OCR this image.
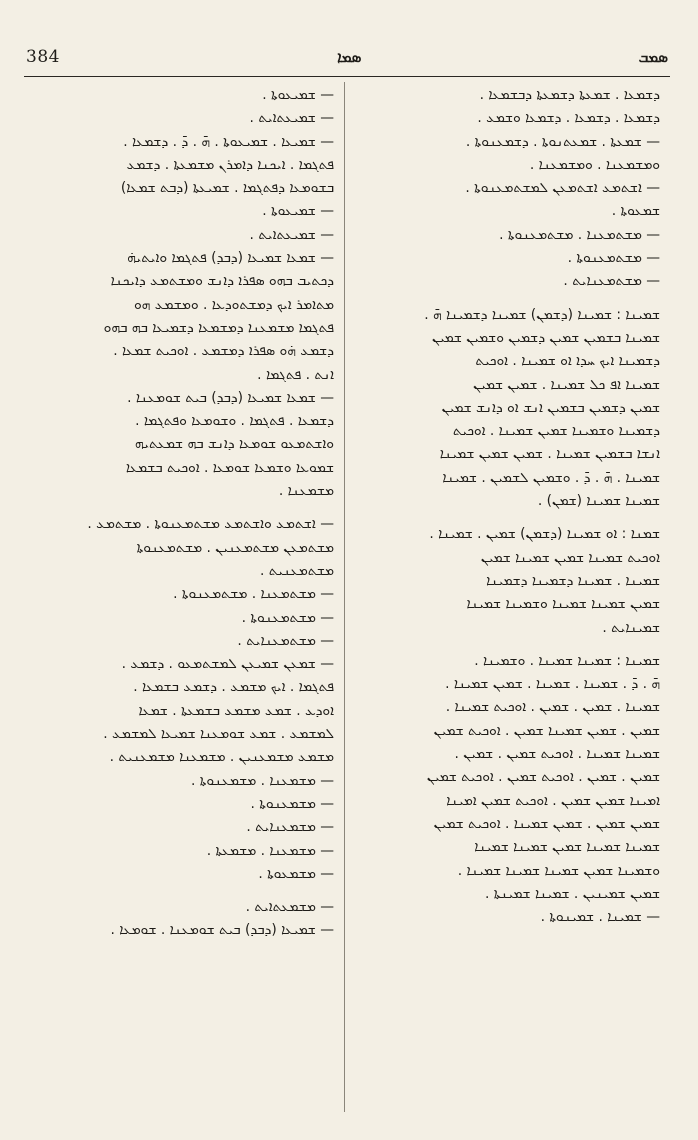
384	ܣܡܐ	ܣܡܒ
— ܫܡܝܥܘܬܐ .
— ܫܡܝܥܬܐܝܬ .
— ܫܡܝܥܐ . ܫܡܝܥܘܬܐ . ܗ̄ . ܕ̄ . ܕܫܡܥܐ .
ܦܬܓܡܐ . ܐܝܟܢܐ ܕܐܡܪܢ ܡܫܡܥܬܐ . ܕܫܡܥ
ܒܫܘܡܥܐ ܕܦܬܓܡܐ . ܫܡܝܥܬܐ (ܕܒܬ ܫܡܥܐ)
— ܫܡܝܥܘܬܐ .
— ܫܡܝܥܬܐܝܬ .
— ܫܡܥܐ ܫܡܝܥܐ (ܕܒܕ) ܦܬܓܡܐ ܘܐܝܬܝܗ̇
ܕܟܬܝܒ ܒܗܘ ܣܦܪܐ ܕܐܢܫ ܘܡܫܬܡܥ ܕܐܝܟܢܐ
ܡܬܐܡܪ ܐܝܟ ܕܡܫܬܘܕܥܐ . ܘܡܫܡܥ ܗܘ
ܦܬܓܡܐ ܡܫܡܥܢܐ ܕܡܫܡܥܐ ܕܫܡܝܥܐ ܒܗ ܒܗܘ
ܕܫܡܥ ܗ̇ܘ ܣܦܪܐ ܕܡܫܡܥ . ܐܘܟܝܬ ܫܡܥܐ .
ܐܢܬ . ܦܬܓܡܐ .
— ܫܡܥܐ ܫܡܝܥܐ (ܕܒܕ) ܒܝܬ ܫܘܡܥܢܐ .
ܕܫܡܥܐ . ܦܬܓܡܐ . ܘܫܘܡܥܐ ܘܦܬܓܡܐ .
ܘܐܫܬܡܥܘ ܫܘܡܥܐ ܕܐܢܫ ܒܗ ܫܡܥܬܝܗ
ܫܡܘܥܐ ܘܫܡܥܐ ܫܘܡܥܐ . ܐܘܟܝܬ ܒܫܡܥܐ
ܡܫܡܥܢܐ .
— ܐܫܬܡܥ ܘܐܫܬܡܥ ܡܫܬܡܥܢܘܬܐ . ܡܫܬܡܥ .
ܡܫܬܡܥܢ ܡܫܬܡܥܢܝܢ . ܡܫܬܡܥܢܘܬܐ
ܡܫܬܡܥܢܝܬ .
— ܡܫܬܡܥܢܐ . ܡܫܬܡܥܢܘܬܐ .
— ܡܫܬܡܥܢܘܬܐ .
— ܡܫܬܡܥܢܐܝܬ .
— ܫܡܥܢ ܫܡܝܥܢ ܠܡܫܬܡܥܘ . ܕܫܡܥ .
ܦܬܓܡܐ . ܐܝܟ ܡܫܡܥ . ܕܫܡܥ ܒܫܡܥܐ .
ܐܘܕܥ . ܫܡܥ ܡܫܡܥ ܒܫܡܥܬܐ . ܫܡܥܐ
ܠܡܫܡܥ . ܫܡܥ ܫܘܡܥܢܐ ܫܡܝܥܐ ܠܡܫܡܥ .
ܡܫܡܥ ܡܫܡܥܢܝܢ . ܡܫܡܥܢܐ ܡܫܡܥܢܝܬ .
— ܡܫܡܥܢܐ . ܡܫܡܥܢܘܬܐ .
— ܡܫܡܥܢܘܬܐ .
— ܡܫܡܥܢܐܝܬ .
— ܡܫܡܥܢܐ . ܡܫܡܥܬܐ .
— ܡܫܡܥܘܬܐ .
— ܡܫܡܥܬܐܝܬ .
— ܫܡܝܥܐ (ܕܒܕ) ܒܝܬ ܫܘܡܥܢܐ . ܫܘܡܥܐ .
ܕܫܡܥܐ . ܫܡܥܬܐ ܕܫܡܥܬܐ ܕܒܫܡܥܐ .
ܕܫܡܥܐ . ܕܫܡܥܐ . ܕܫܡܥܐ ܘܫܡܥ .
— ܫܡܥܬܐ . ܫܡܥܬܢܘܬܐ . ܕܫܡܥܢܘܬܐ .
ܘܡܫܡܥܢܐ . ܘܡܫܡܥܢܐ .
— ܐܫܬܡܥ ܐܫܬܡܥܢ ܠܡܫܬܡܥܢܘܬܐ .
ܫܡܥܘܬܐ .
— ܡܫܬܡܥܢܐ . ܡܫܬܡܥܢܘܬܐ .
— ܡܫܬܡܥܢܘܬܐ .
— ܡܫܬܡܥܢܐܝܬ .
ܫܡܝܢܐ : ܫܡܝܢܐ (ܕܫܡܢ) ܫܡܝܢܐ ܕܫܡܝܢܐ ܗ̄ .
ܫܡܝܢܐ ܒܫܡܝܢ ܫܡܝܢ ܕܫܡܝܢ ܘܫܡܝܢ ܫܡܝܢ
ܕܫܡܝܢܐ ܐܝܟ ܚܕܐ ܐܘ ܫܡܝܢܐ . ܐܘܟܝܬ
ܫܡܝܢܐ ܐܦ ܟܠ ܫܡܝܢܐ . ܫܡܝܢ ܫܡܝܢ
ܫܡܝܢ ܕܫܡܝܢ ܒܫܡܝܢ ܐܢܫ ܐܘ ܕܐܢܫ ܫܡܝܢ
ܕܫܡܝܢܐ ܘܫܡܝܢܐ ܫܡܝܢ ܫܡܝܢܐ . ܐܘܟܝܬ
ܐܢܫܐ ܒܫܡܝܢ ܫܡܝܢܐ . ܫܡܝܢ ܫܡܝܢ ܫܡܝܢܐ
ܫܡܝܢܐ . ܗ̄ . ܕ̄ . ܘܫܡܝܢ ܠܫܡܝܢ . ܫܡܝܢܐ
ܫܡܝܢܐ ܫܡܝܢܐ (ܫܡܢ) .
ܫܡܢܐ : ܐܘ ܫܡܝܢܐ (ܕܫܡܢ) ܫܡܝܢ . ܫܡܝܢܐ .
ܐܘܟܝܬ ܫܡܝܢܐ ܫܡܝܢ ܫܡܝܢܐ ܫܡܝܢ
ܫܡܝܢܐ . ܫܡܝܢܐ ܕܫܡܝܢܐ ܕܫܡܝܢܐ
ܫܡܝܢ ܫܡܝܢܐ ܫܡܝܢܐ ܘܫܡܝܢܐ ܫܡܝܢܐ
ܫܡܝܢܐܝܬ .
ܫܡܝܢܐ : ܫܡܝܢܐ ܫܡܝܢܐ . ܘܫܡܝܢܐ .
ܗ̄ . ܕ̄ . ܫܡܝܢܐ . ܫܡܝܢܐ . ܫܡܝܢ ܫܡܝܢܐ .
ܫܡܝܢܐ . ܫܡܝܢ . ܫܡܝܢ . ܐܘܟܝܬ ܫܡܝܢܐ .
ܫܡܝܢ . ܫܡܝܢ ܫܡܝܢܐ ܫܡܝܢ . ܐܘܟܝܬ ܫܡܝܢ
ܫܡܝܢܐ ܫܡܝܢܐ . ܐܘܟܝܬ ܫܡܝܢ . ܫܡܝܢ .
ܫܡܝܢ . ܫܡܝܢ . ܐܘܟܝܬ ܫܡܝܢ . ܐܘܟܝܬ ܫܡܝܢ
ܐܡܝܢܐ ܫܡܝܢ ܫܡܝܢ . ܐܘܟܝܬ ܫܡܝܢ ܐܡܝܢܐ
ܫܡܝܢ ܫܡܝܢ . ܫܡܝܢ ܫܡܝܢܐ . ܐܘܟܝܬ ܫܡܝܢ
ܫܡܝܢܐ ܫܡܝܢܐ ܫܡܝܢ ܫܡܝܢܐ ܫܡܝܢܐ
ܘܫܡܝܢܐ ܫܡܝܢ ܫܡܝܢܐ ܫܡܝܢܐ ܫܡܝܢܐ .
ܫܡܝܢ ܫܡܝܢܝܢ . ܫܡܝܢܐ ܫܡܝܢܬܐ .
— ܫܡܝܢܐ . ܫܡܝܢܘܬܐ .
